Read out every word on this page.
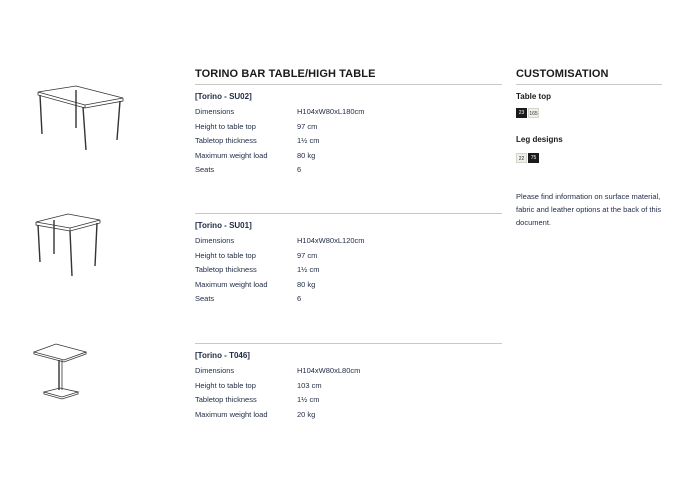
TORINO BAR TABLE/HIGH TABLE
[Torino - SU02]
Dimensions	H104xW80xL180cm
Height to table top	97 cm
Tabletop thickness	1½ cm
Maximum weight load	80 kg
Seats	6
[Torino - SU01]
Dimensions	H104xW80xL120cm
Height to table top	97 cm
Tabletop thickness	1½ cm
Maximum weight load	80 kg
Seats	6
[Torino - T046]
Dimensions	H104xW80xL80cm
Height to table top	103 cm
Tabletop thickness	1½ cm
Maximum weight load	20 kg
CUSTOMISATION
Table top
23	165
Leg designs
22	75
Please find information on surface material, fabric and leather options at the back of this document.
